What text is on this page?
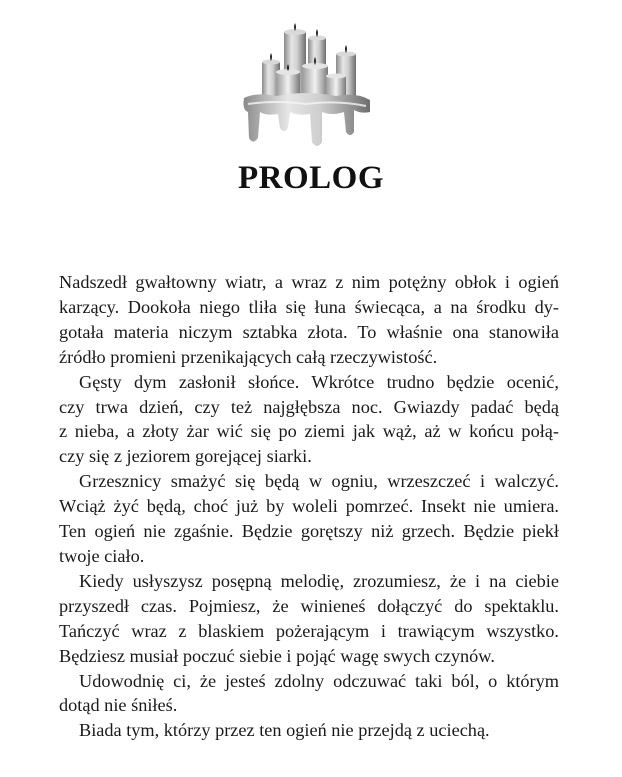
PROLOG
Nadszedł gwałtowny wiatr, a wraz z nim potężny obłok i ogień
karzący. Dookoła niego tliła się łuna świecąca, a na środku dy-
gotała materia niczym sztabka złota. To właśnie ona stanowiła
źródło promieni przenikających całą rzeczywistość.
Gęsty dym zasłonił słońce. Wkrótce trudno będzie ocenić,
czy trwa dzień, czy też najgłębsza noc. Gwiazdy padać będą
z nieba, a złoty żar wić się po ziemi jak wąż, aż w końcu połą-
czy się z jeziorem gorejącej siarki.
Grzesznicy smażyć się będą w ogniu, wrzeszczeć i walczyć.
Wciąż żyć będą, choć już by woleli pomrzeć. Insekt nie umiera.
Ten ogień nie zgaśnie. Będzie gorętszy niż grzech. Będzie piekł
twoje ciało.
Kiedy usłyszysz posępną melodię, zrozumiesz, że i na ciebie
przyszedł czas. Pojmiesz, że winieneś dołączyć do spektaklu.
Tańczyć wraz z blaskiem pożerającym i trawiącym wszystko.
Będziesz musiał poczuć siebie i pojąć wagę swych czynów.
Udowodnię ci, że jesteś zdolny odczuwać taki ból, o którym
dotąd nie śniłeś.
Biada tym, którzy przez ten ogień nie przejdą z uciechą.
